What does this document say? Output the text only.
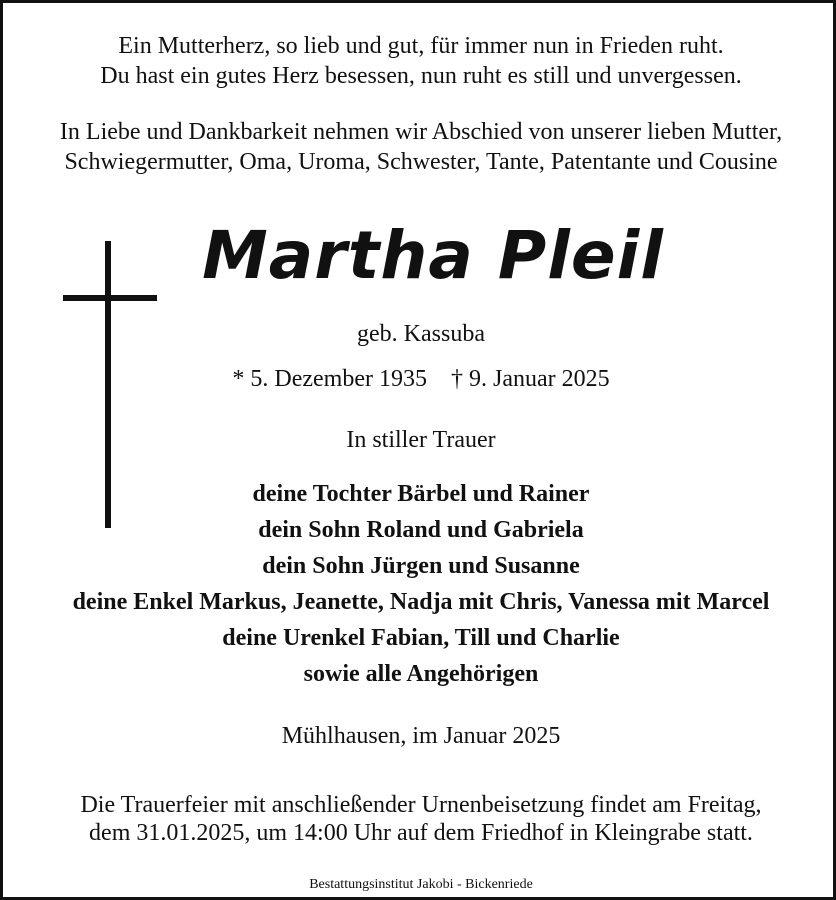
Ein Mutterherz, so lieb und gut, für immer nun in Frieden ruht.
Du hast ein gutes Herz besessen, nun ruht es still und unvergessen.
In Liebe und Dankbarkeit nehmen wir Abschied von unserer lieben Mutter,
Schwiegermutter, Oma, Uroma, Schwester, Tante, Patentante und Cousine
Martha Pleil
geb. Kassuba
* 5. Dezember 1935    † 9. Januar 2025
In stiller Trauer
deine Tochter Bärbel und Rainer
dein Sohn Roland und Gabriela
dein Sohn Jürgen und Susanne
deine Enkel Markus, Jeanette, Nadja mit Chris, Vanessa mit Marcel
deine Urenkel Fabian, Till und Charlie
sowie alle Angehörigen
Mühlhausen, im Januar 2025
Die Trauerfeier mit anschließender Urnenbeisetzung findet am Freitag,
dem 31.01.2025, um 14:00 Uhr auf dem Friedhof in Kleingrabe statt.
Bestattungsinstitut Jakobi - Bickenriede
